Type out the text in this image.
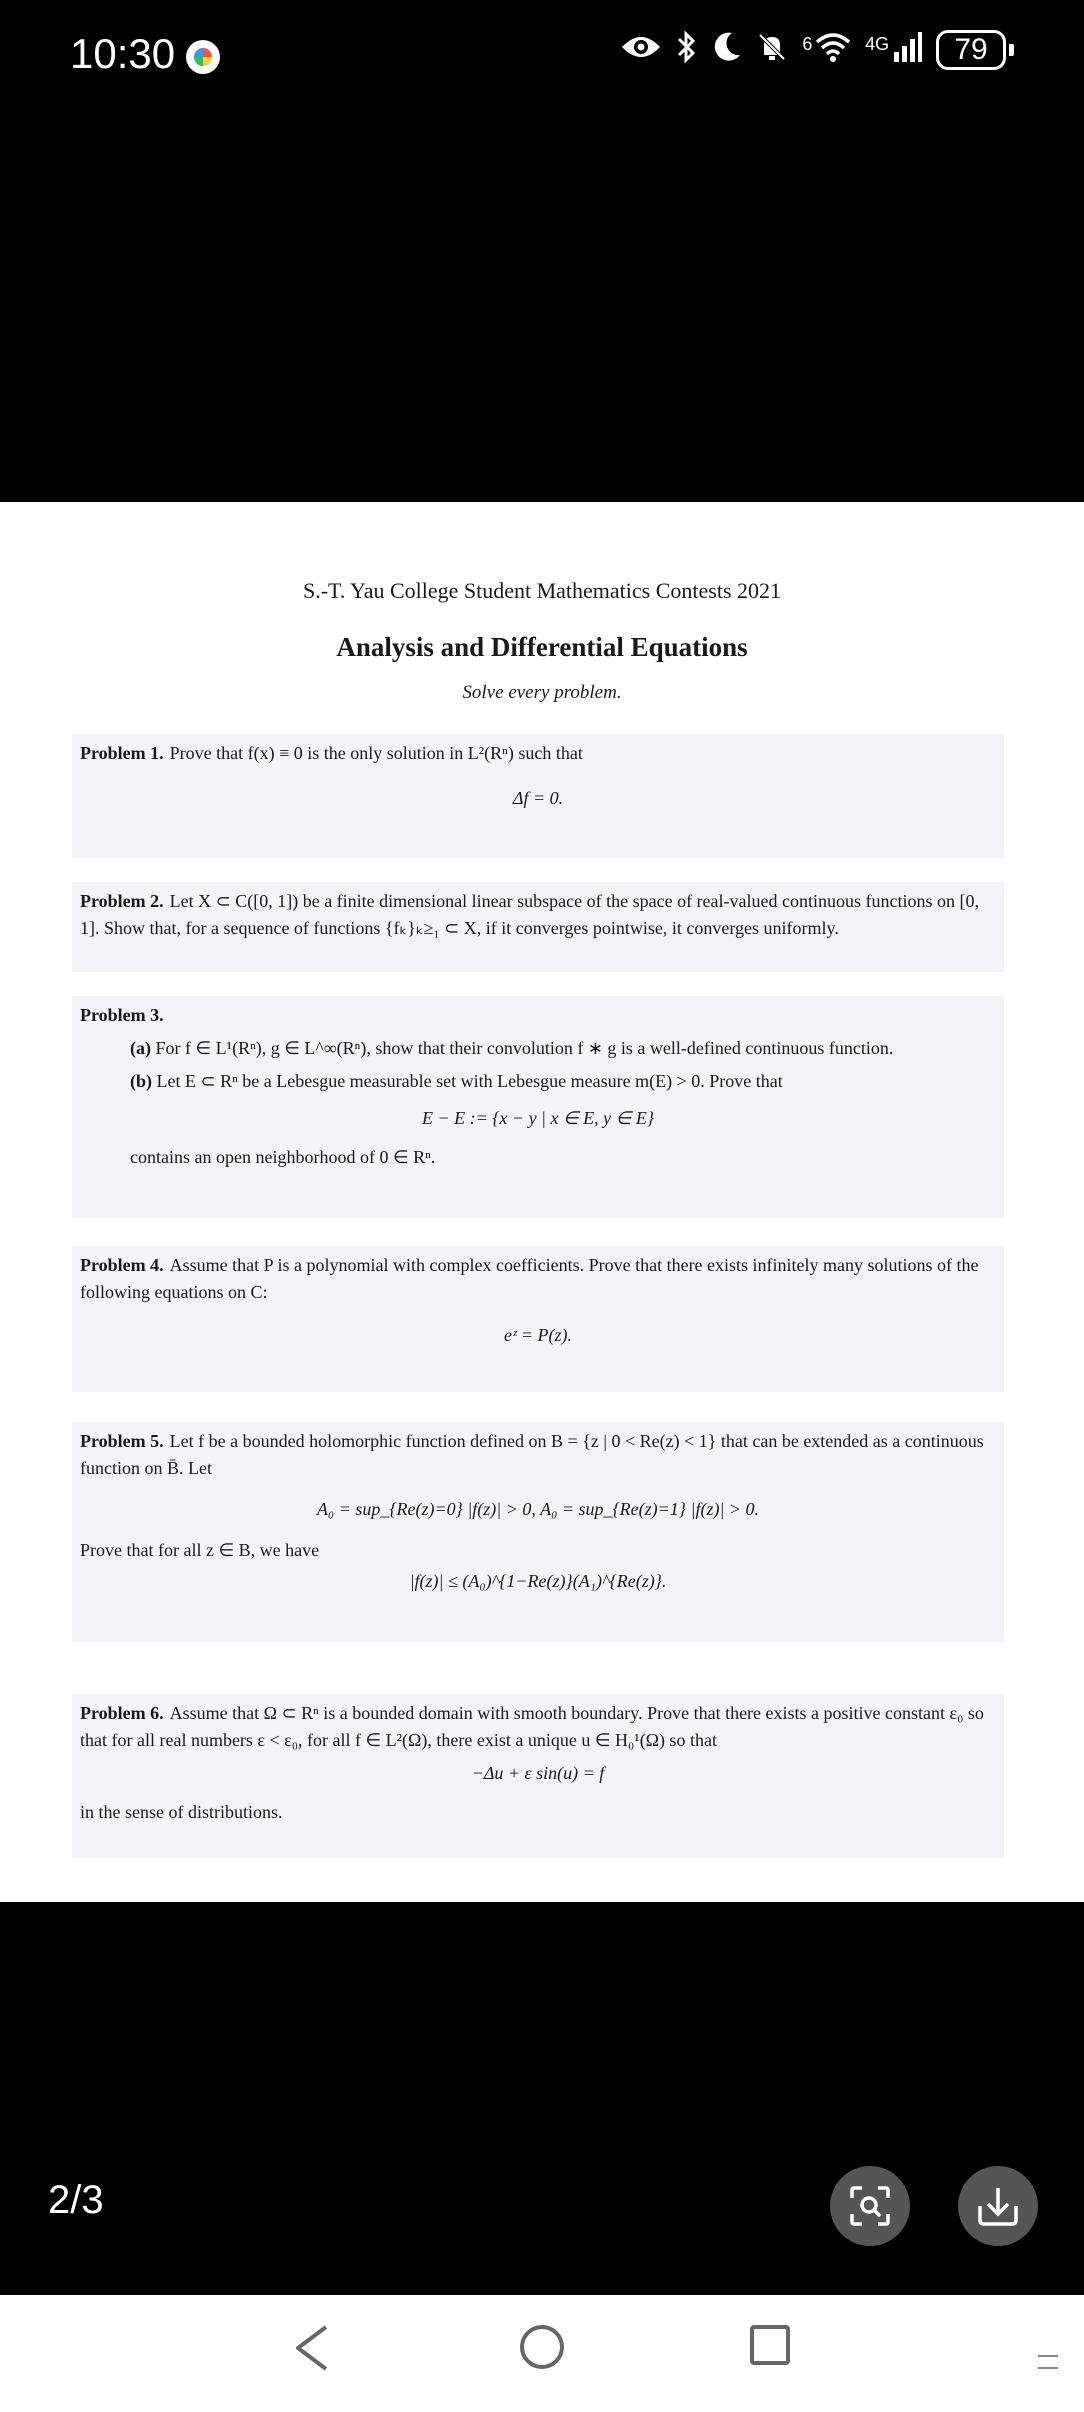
10:30	$^6$	$^{4G}$	79
S.-T. Yau College Student Mathematics Contests 2021
Analysis and Differential Equations
Solve every problem.
Problem 1. Prove that f(x) ≡ 0 is the only solution in L²(Rⁿ) such that
Δf = 0.
Problem 2. Let X ⊂ C([0, 1]) be a finite dimensional linear subspace of the space of real-valued continuous functions on [0, 1]. Show that, for a sequence of functions {fₖ}ₖ≥₁ ⊂ X, if it converges pointwise, it converges uniformly.
Problem 3.
(a) For f ∈ L¹(Rⁿ), g ∈ L^∞(Rⁿ), show that their convolution f ∗ g is a well-defined continuous function.
(b) Let E ⊂ Rⁿ be a Lebesgue measurable set with Lebesgue measure m(E) > 0. Prove that
E − E := {x − y | x ∈ E, y ∈ E}
contains an open neighborhood of 0 ∈ Rⁿ.
Problem 4. Assume that P is a polynomial with complex coefficients. Prove that there exists infinitely many solutions of the following equations on C:
eᶻ = P(z).
Problem 5. Let f be a bounded holomorphic function defined on B = {z | 0 < Re(z) < 1} that can be extended as a continuous function on B̄. Let
A₀ = sup_{Re(z)=0} |f(z)| > 0, A₀ = sup_{Re(z)=1} |f(z)| > 0.
Prove that for all z ∈ B, we have
|f(z)| ≤ (A₀)^{1−Re(z)}(A₁)^{Re(z)}.
Problem 6. Assume that Ω ⊂ Rⁿ is a bounded domain with smooth boundary. Prove that there exists a positive constant ε₀ so that for all real numbers ε < ε₀, for all f ∈ L²(Ω), there exist a unique u ∈ H₀¹(Ω) so that
−Δu + ε sin(u) = f
in the sense of distributions.
2/3
